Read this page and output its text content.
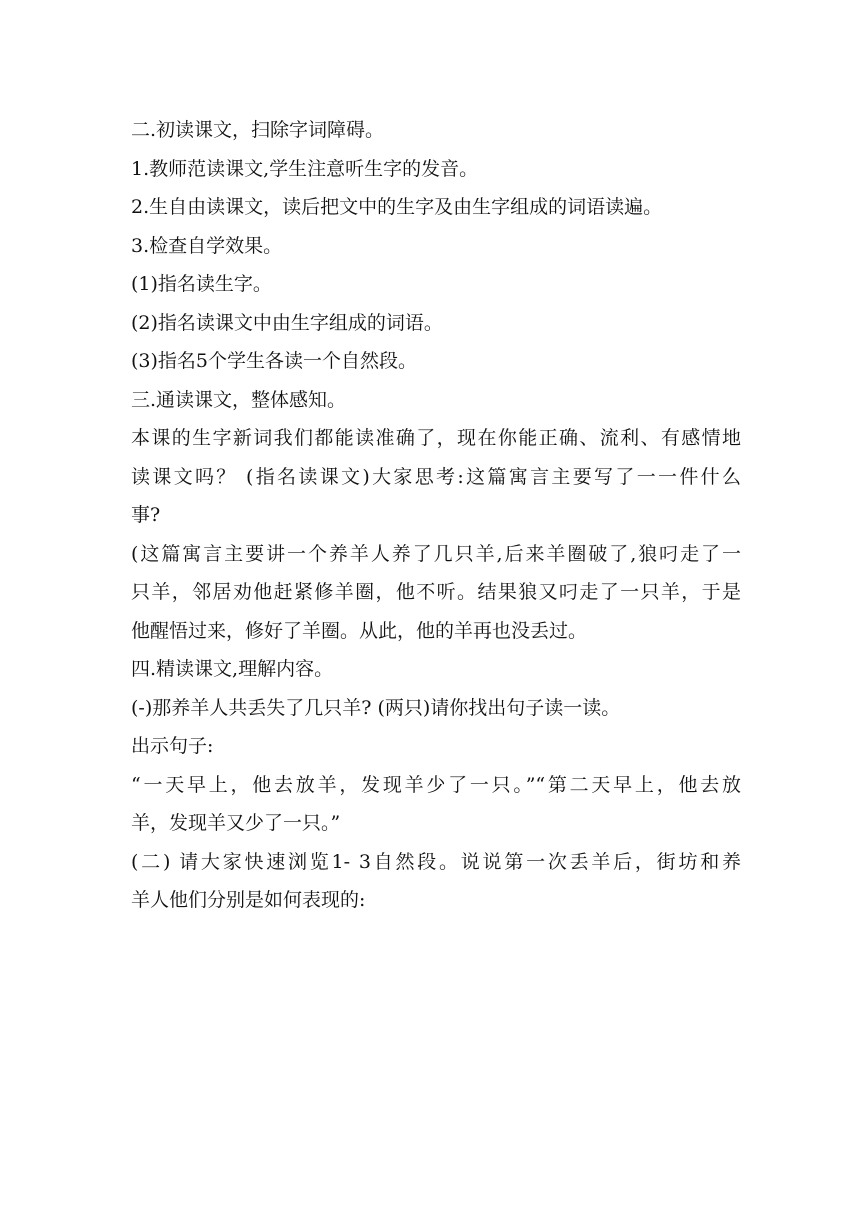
二.初读课文，扫除字词障碍。
1.教师范读课文,学生注意听生字的发音。
2.生自由读课文，读后把文中的生字及由生字组成的词语读遍。
3.检查自学效果。
(1)指名读生字。
(2)指名读课文中由生字组成的词语。
(3)指名5个学生各读一个自然段。
三.通读课文，整体感知。
本课的生字新词我们都能读准确了，现在你能正确、流利、有感情地
读课文吗？ (指名读课文)大家思考:这篇寓言主要写了一一件什么
事?
(这篇寓言主要讲一个养羊人养了几只羊,后来羊圈破了,狼叼走了一
只羊，邻居劝他赶紧修羊圈，他不听。结果狼又叼走了一只羊，于是
他醒悟过来，修好了羊圈。从此，他的羊再也没丢过。
四.精读课文,理解内容。
(-)那养羊人共丢失了几只羊? (两只)请你找出句子读一读。
出示句子:
“一天早上，他去放羊，发现羊少了一只。”“第二天早上，他去放
羊，发现羊又少了一只。”
(二) 请大家快速浏览1- 3自然段。说说第一次丢羊后，街坊和养
羊人他们分别是如何表现的:
